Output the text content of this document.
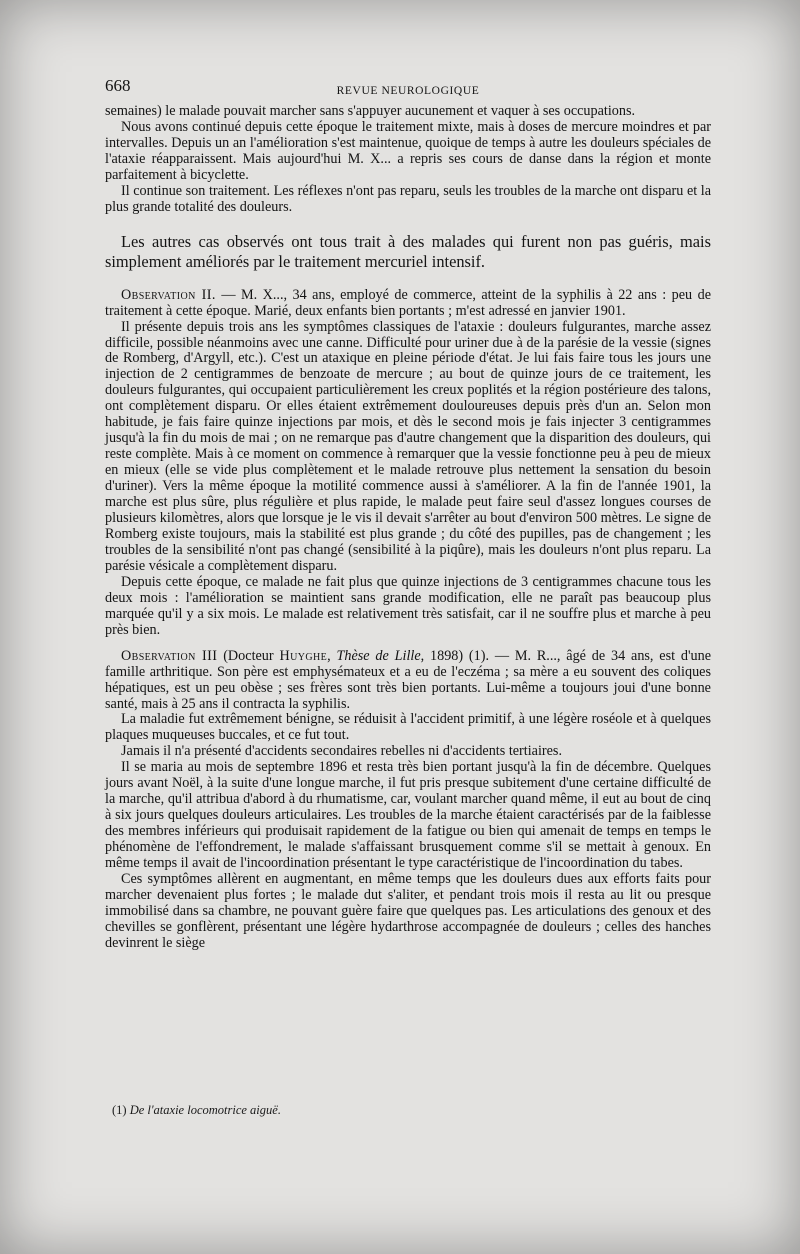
668	REVUE NEUROLOGIQUE

semaines) le malade pouvait marcher sans s'appuyer aucunement et vaquer à ses occupations.

Nous avons continué depuis cette époque le traitement mixte, mais à doses de mercure moindres et par intervalles. Depuis un an l'amélioration s'est maintenue, quoique de temps à autre les douleurs spéciales de l'ataxie réapparaissent. Mais aujourd'hui M. X... a repris ses cours de danse dans la région et monte parfaitement à bicyclette.

Il continue son traitement. Les réflexes n'ont pas reparu, seuls les troubles de la marche ont disparu et la plus grande totalité des douleurs.

Les autres cas observés ont tous trait à des malades qui furent non pas guéris, mais simplement améliorés par le traitement mercuriel intensif.

Observation II. — M. X..., 34 ans, employé de commerce, atteint de la syphilis à 22 ans : peu de traitement à cette époque. Marié, deux enfants bien portants ; m'est adressé en janvier 1901.

Il présente depuis trois ans les symptômes classiques de l'ataxie : douleurs fulgurantes, marche assez difficile, possible néanmoins avec une canne. Difficulté pour uriner due à de la parésie de la vessie (signes de Romberg, d'Argyll, etc.). C'est un ataxique en pleine période d'état. Je lui fais faire tous les jours une injection de 2 centigrammes de benzoate de mercure ; au bout de quinze jours de ce traitement, les douleurs fulgurantes, qui occupaient particulièrement les creux poplités et la région postérieure des talons, ont complètement disparu. Or elles étaient extrêmement douloureuses depuis près d'un an. Selon mon habitude, je fais faire quinze injections par mois, et dès le second mois je fais injecter 3 centigrammes jusqu'à la fin du mois de mai ; on ne remarque pas d'autre changement que la disparition des douleurs, qui reste complète. Mais à ce moment on commence à remarquer que la vessie fonctionne peu à peu de mieux en mieux (elle se vide plus complètement et le malade retrouve plus nettement la sensation du besoin d'uriner). Vers la même époque la motilité commence aussi à s'améliorer. A la fin de l'année 1901, la marche est plus sûre, plus régulière et plus rapide, le malade peut faire seul d'assez longues courses de plusieurs kilomètres, alors que lorsque je le vis il devait s'arrêter au bout d'environ 500 mètres. Le signe de Romberg existe toujours, mais la stabilité est plus grande ; du côté des pupilles, pas de changement ; les troubles de la sensibilité n'ont pas changé (sensibilité à la piqûre), mais les douleurs n'ont plus reparu. La parésie vésicale a complètement disparu.

Depuis cette époque, ce malade ne fait plus que quinze injections de 3 centigrammes chacune tous les deux mois : l'amélioration se maintient sans grande modification, elle ne paraît pas beaucoup plus marquée qu'il y a six mois. Le malade est relativement très satisfait, car il ne souffre plus et marche à peu près bien.

Observation III (Docteur Huyghe, Thèse de Lille, 1898) (1). — M. R..., âgé de 34 ans, est d'une famille arthritique. Son père est emphysémateux et a eu de l'eczéma ; sa mère a eu souvent des coliques hépatiques, est un peu obèse ; ses frères sont très bien portants. Lui-même a toujours joui d'une bonne santé, mais à 25 ans il contracta la syphilis.

La maladie fut extrêmement bénigne, se réduisit à l'accident primitif, à une légère roséole et à quelques plaques muqueuses buccales, et ce fut tout.

Jamais il n'a présenté d'accidents secondaires rebelles ni d'accidents tertiaires.

Il se maria au mois de septembre 1896 et resta très bien portant jusqu'à la fin de décembre. Quelques jours avant Noël, à la suite d'une longue marche, il fut pris presque subitement d'une certaine difficulté de la marche, qu'il attribua d'abord à du rhumatisme, car, voulant marcher quand même, il eut au bout de cinq à six jours quelques douleurs articulaires. Les troubles de la marche étaient caractérisés par de la faiblesse des membres inférieurs qui produisait rapidement de la fatigue ou bien qui amenait de temps en temps le phénomène de l'effondrement, le malade s'affaissant brusquement comme s'il se mettait à genoux. En même temps il avait de l'incoordination présentant le type caractéristique de l'incoordination du tabes.

Ces symptômes allèrent en augmentant, en même temps que les douleurs dues aux efforts faits pour marcher devenaient plus fortes ; le malade dut s'aliter, et pendant trois mois il resta au lit ou presque immobilisé dans sa chambre, ne pouvant guère faire que quelques pas. Les articulations des genoux et des chevilles se gonflèrent, présentant une légère hydarthrose accompagnée de douleurs ; celles des hanches devinrent le siège

(1) De l'ataxie locomotrice aiguë.
